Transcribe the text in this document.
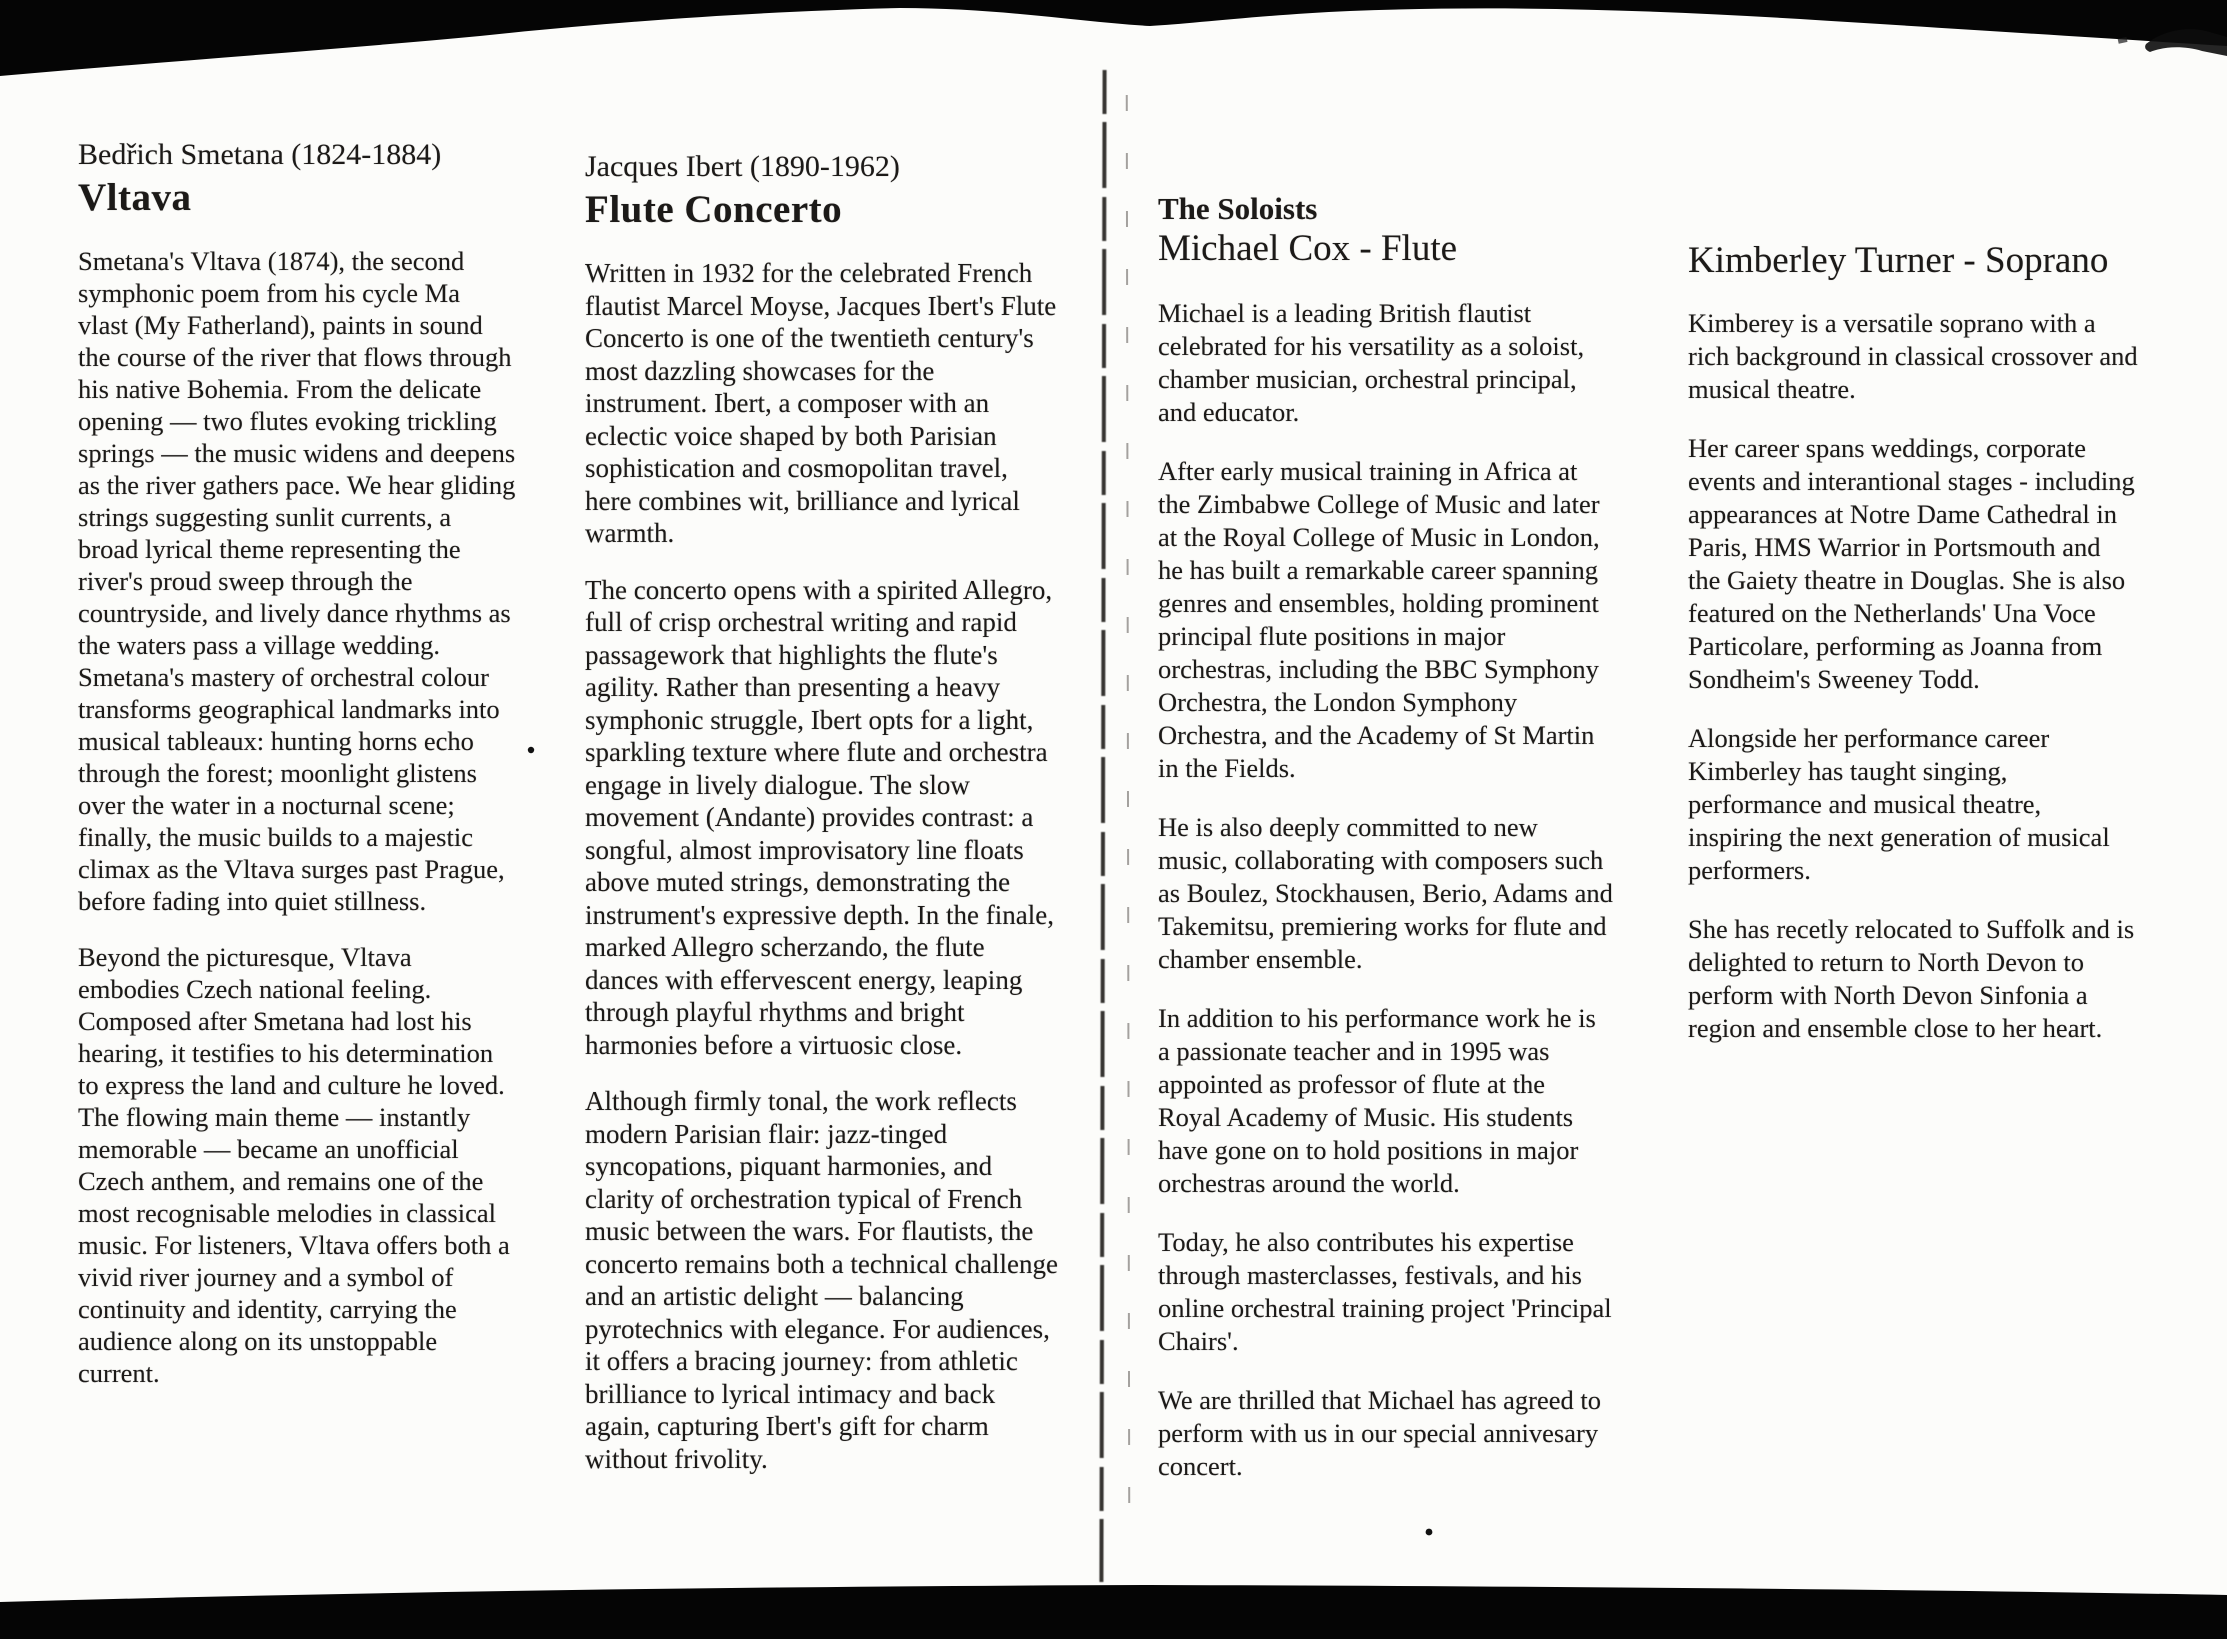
Bedřich Smetana (1824-1884)
Vltava

Smetana's Vltava (1874), the second symphonic poem from his cycle Ma vlast (My Fatherland), paints in sound the course of the river that flows through his native Bohemia. From the delicate opening — two flutes evoking trickling springs — the music widens and deepens as the river gathers pace. We hear gliding strings suggesting sunlit currents, a broad lyrical theme representing the river's proud sweep through the countryside, and lively dance rhythms as the waters pass a village wedding. Smetana's mastery of orchestral colour transforms geographical landmarks into musical tableaux: hunting horns echo through the forest; moonlight glistens over the water in a nocturnal scene; finally, the music builds to a majestic climax as the Vltava surges past Prague, before fading into quiet stillness.

Beyond the picturesque, Vltava embodies Czech national feeling. Composed after Smetana had lost his hearing, it testifies to his determination to express the land and culture he loved. The flowing main theme — instantly memorable — became an unofficial Czech anthem, and remains one of the most recognisable melodies in classical music. For listeners, Vltava offers both a vivid river journey and a symbol of continuity and identity, carrying the audience along on its unstoppable current.

Jacques Ibert (1890-1962)
Flute Concerto

Written in 1932 for the celebrated French flautist Marcel Moyse, Jacques Ibert's Flute Concerto is one of the twentieth century's most dazzling showcases for the instrument. Ibert, a composer with an eclectic voice shaped by both Parisian sophistication and cosmopolitan travel, here combines wit, brilliance and lyrical warmth.

The concerto opens with a spirited Allegro, full of crisp orchestral writing and rapid passagework that highlights the flute's agility. Rather than presenting a heavy symphonic struggle, Ibert opts for a light, sparkling texture where flute and orchestra engage in lively dialogue. The slow movement (Andante) provides contrast: a songful, almost improvisatory line floats above muted strings, demonstrating the instrument's expressive depth. In the finale, marked Allegro scherzando, the flute dances with effervescent energy, leaping through playful rhythms and bright harmonies before a virtuosic close.

Although firmly tonal, the work reflects modern Parisian flair: jazz-tinged syncopations, piquant harmonies, and clarity of orchestration typical of French music between the wars. For flautists, the concerto remains both a technical challenge and an artistic delight — balancing pyrotechnics with elegance. For audiences, it offers a bracing journey: from athletic brilliance to lyrical intimacy and back again, capturing Ibert's gift for charm without frivolity.

The Soloists
Michael Cox - Flute

Michael is a leading British flautist celebrated for his versatility as a soloist, chamber musician, orchestral principal, and educator.

After early musical training in Africa at the Zimbabwe College of Music and later at the Royal College of Music in London, he has built a remarkable career spanning genres and ensembles, holding prominent principal flute positions in major orchestras, including the BBC Symphony Orchestra, the London Symphony Orchestra, and the Academy of St Martin in the Fields.

He is also deeply committed to new music, collaborating with composers such as Boulez, Stockhausen, Berio, Adams and Takemitsu, premiering works for flute and chamber ensemble.

In addition to his performance work he is a passionate teacher and in 1995 was appointed as professor of flute at the Royal Academy of Music. His students have gone on to hold positions in major orchestras around the world.

Today, he also contributes his expertise through masterclasses, festivals, and his online orchestral training project 'Principal Chairs'.

We are thrilled that Michael has agreed to perform with us in our special annivesary concert.

Kimberley Turner - Soprano

Kimberey is a versatile soprano with a rich background in classical crossover and musical theatre.

Her career spans weddings, corporate events and interantional stages - including appearances at Notre Dame Cathedral in Paris, HMS Warrior in Portsmouth and the Gaiety theatre in Douglas. She is also featured on the Netherlands' Una Voce Particolare, performing as Joanna from Sondheim's Sweeney Todd.

Alongside her performance career Kimberley has taught singing, performance and musical theatre, inspiring the next generation of musical performers.

She has recetly relocated to Suffolk and is delighted to return to North Devon to perform with North Devon Sinfonia a region and ensemble close to her heart.
